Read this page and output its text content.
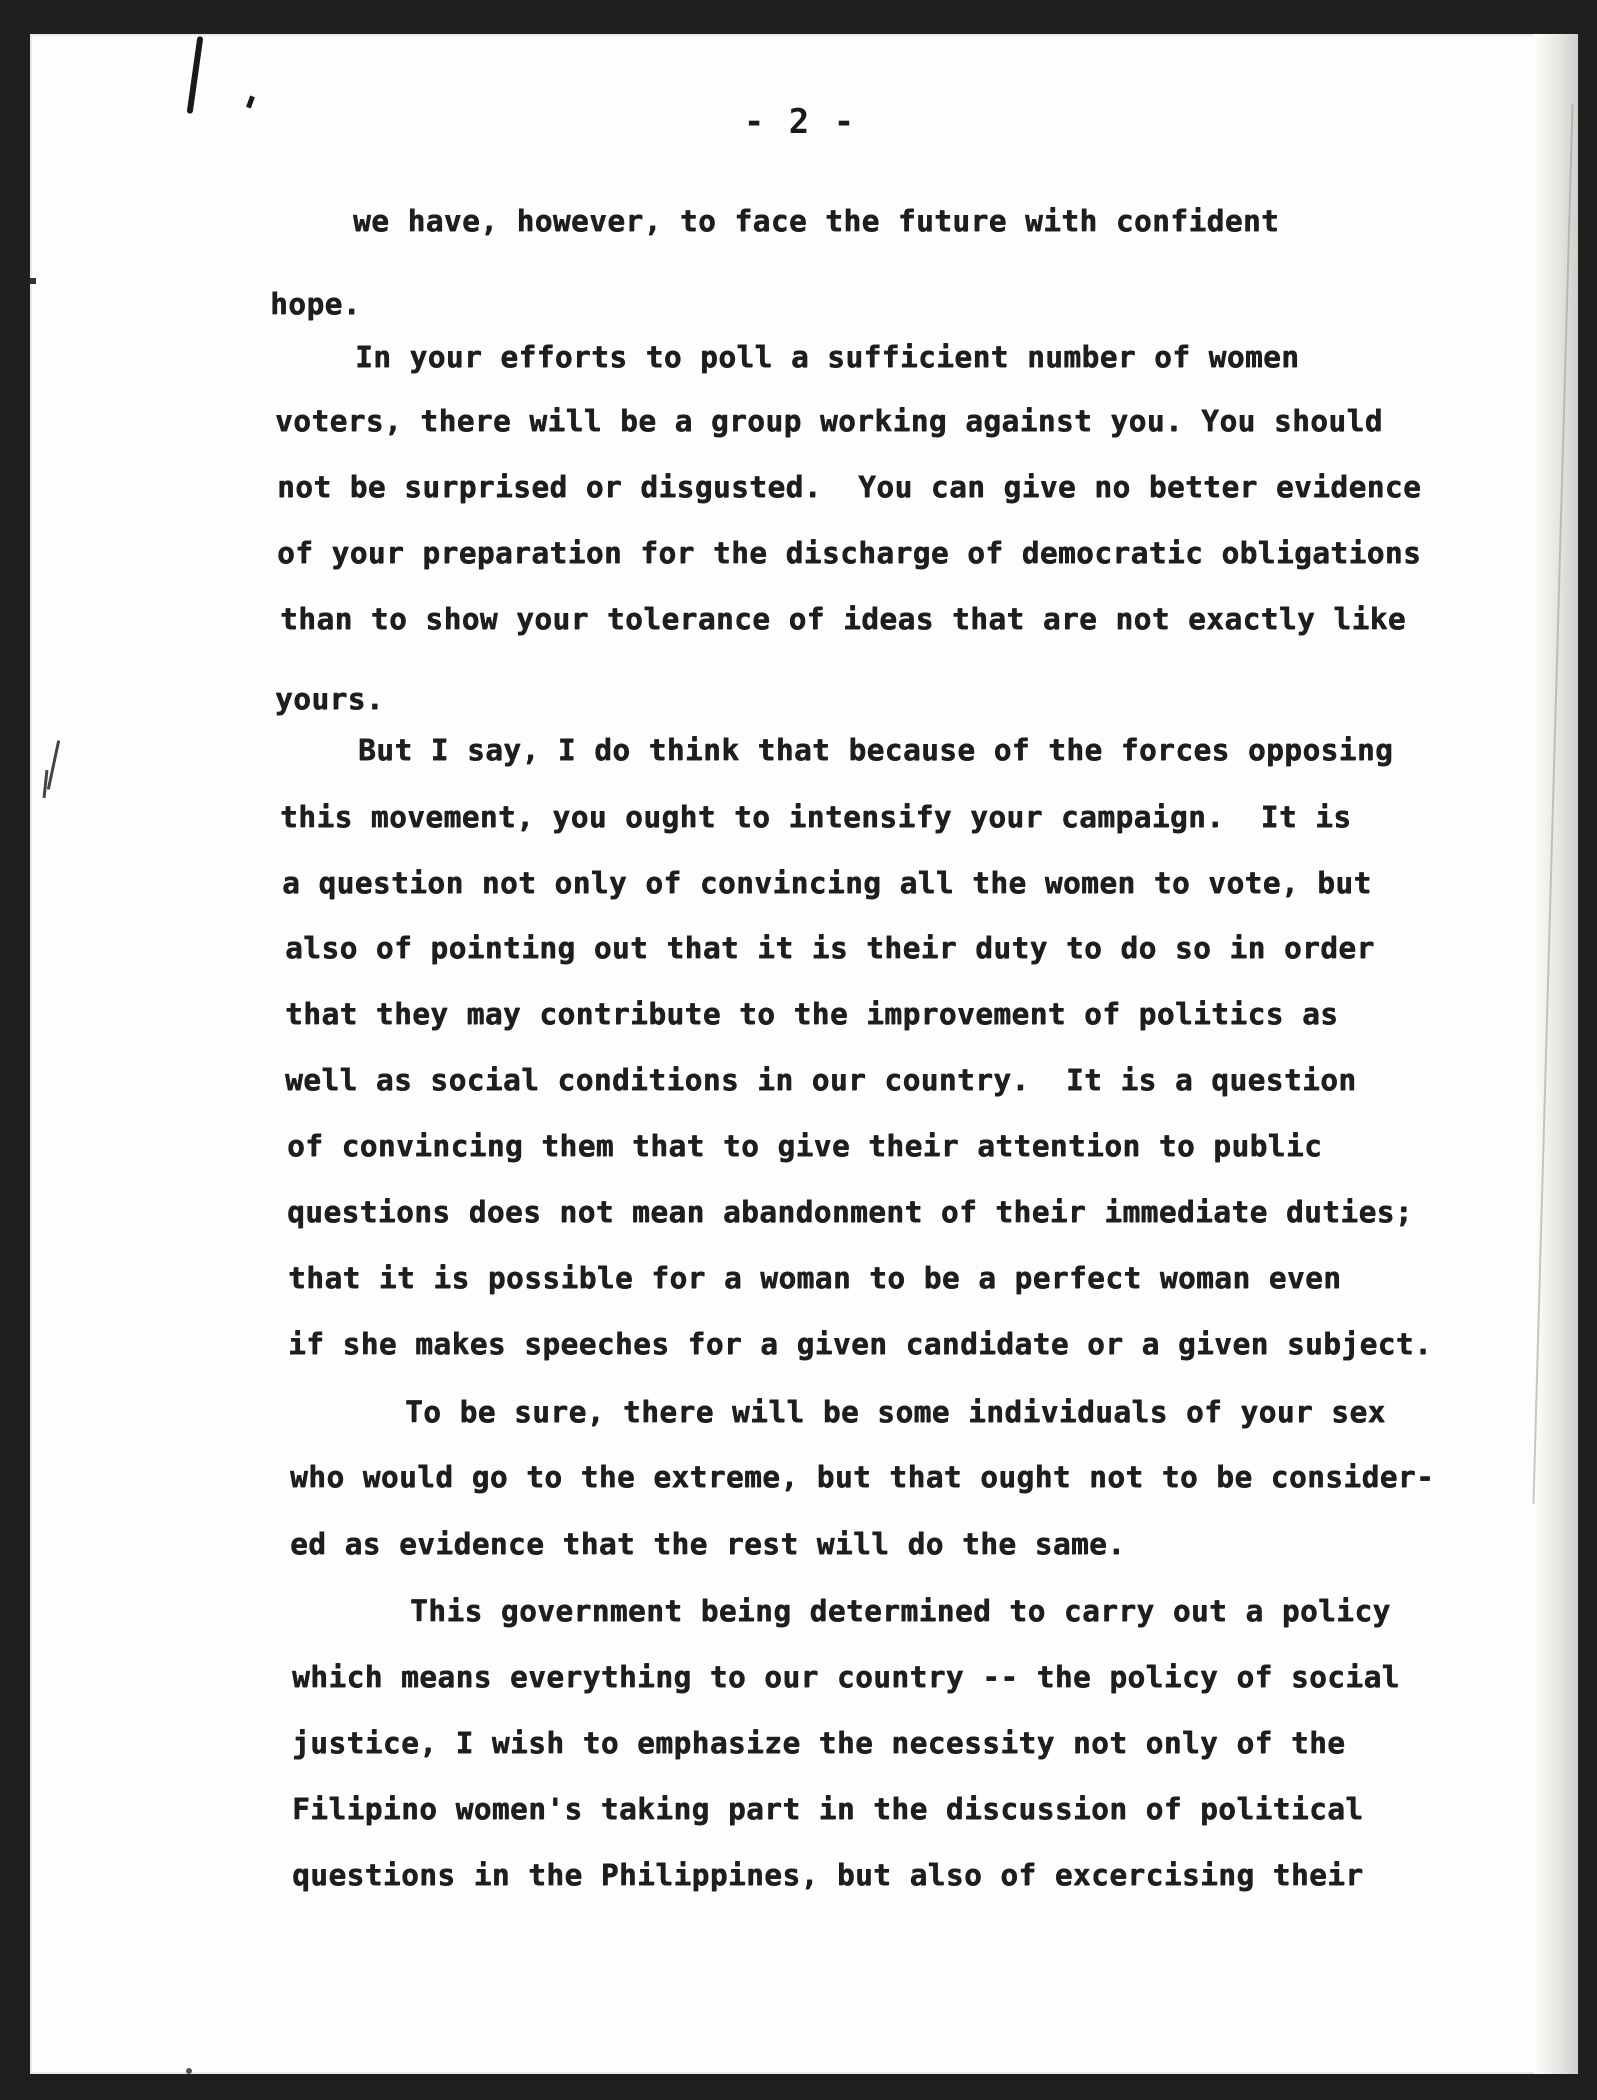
- 2 -
we have, however, to face the future with confident
hope.
In your efforts to poll a sufficient number of women
voters, there will be a group working against you. You should
not be surprised or disgusted.  You can give no better evidence
of your preparation for the discharge of democratic obligations
than to show your tolerance of ideas that are not exactly like
yours.
But I say, I do think that because of the forces opposing
this movement, you ought to intensify your campaign.  It is
a question not only of convincing all the women to vote, but
also of pointing out that it is their duty to do so in order
that they may contribute to the improvement of politics as
well as social conditions in our country.  It is a question
of convincing them that to give their attention to public
questions does not mean abandonment of their immediate duties;
that it is possible for a woman to be a perfect woman even
if she makes speeches for a given candidate or a given subject.
To be sure, there will be some individuals of your sex
who would go to the extreme, but that ought not to be consider-
ed as evidence that the rest will do the same.
This government being determined to carry out a policy
which means everything to our country -- the policy of social
justice, I wish to emphasize the necessity not only of the
Filipino women's taking part in the discussion of political
questions in the Philippines, but also of excercising their
